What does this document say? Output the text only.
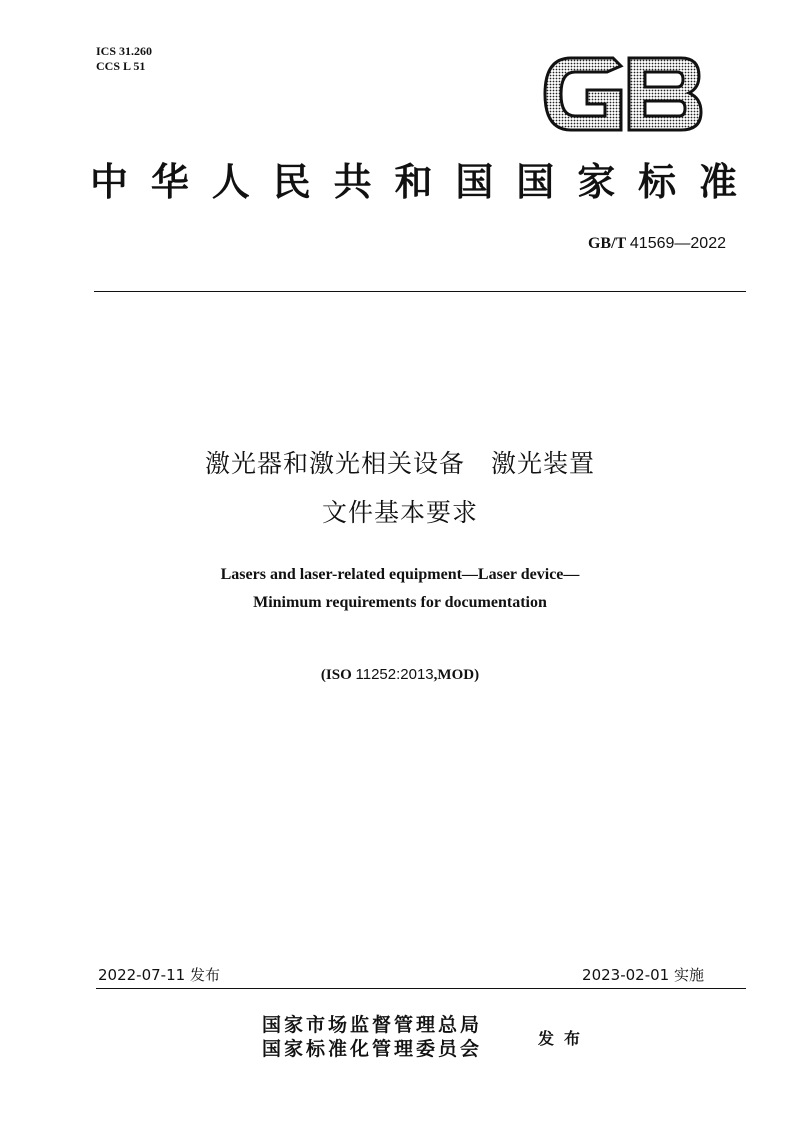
ICS 31.260
CCS L 51
中华人民共和国国家标准
GB/T 41569—2022
激光器和激光相关设备　激光装置
文件基本要求
Lasers and laser-related equipment—Laser device—
Minimum requirements for documentation
(ISO 11252:2013,MOD)
2022-07-11 发布	2023-02-01 实施
国家市场监督管理总局
国家标准化管理委员会	发布
